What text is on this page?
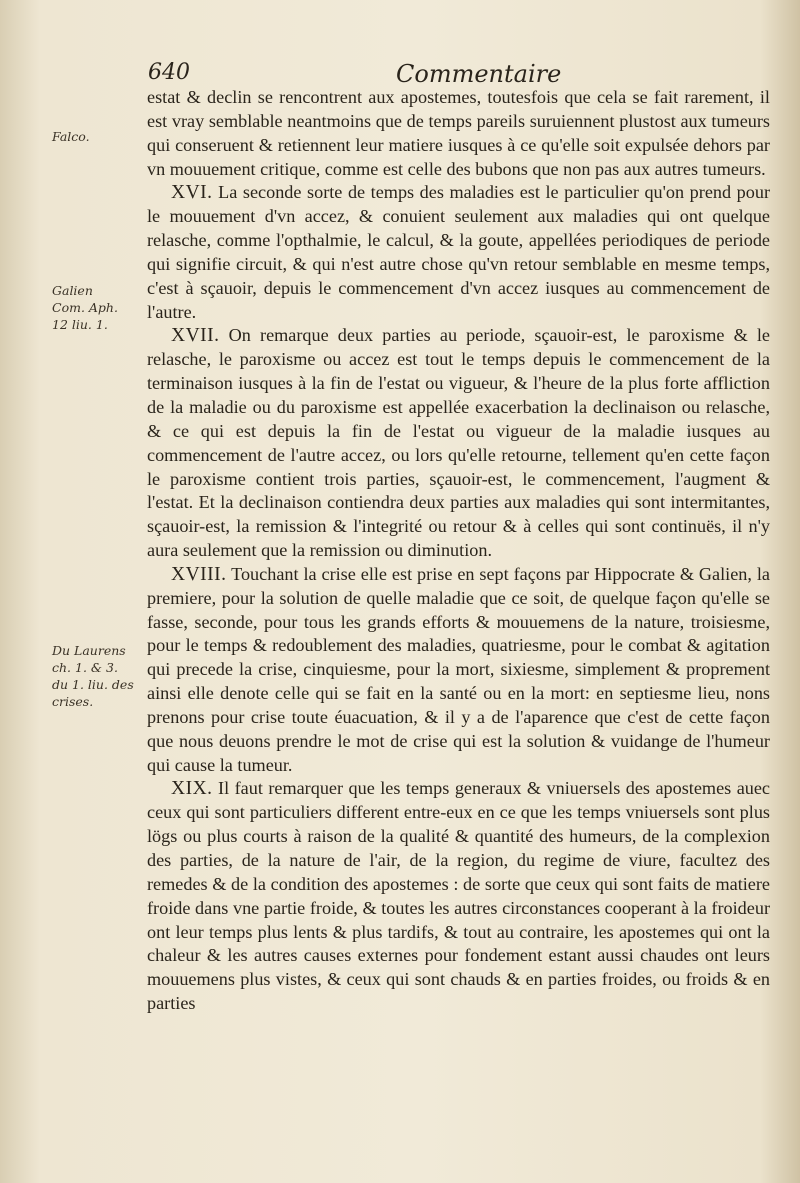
640	Commentaire
Falco.
Galien
Com. Aph.
12 liu. 1.
Du Laurens
ch. 1. & 3.
du 1. liu. des
crises.

estat & declin se rencontrent aux apostemes, toutesfois que cela se fait rarement, il est vray semblable neantmoins que de temps pareils suruiennent plustost aux tumeurs qui conseruent & retiennent leur matiere iusques à ce qu'elle soit expulsée dehors par vn mouuement critique, comme est celle des bubons que non pas aux autres tumeurs.

XVI. La seconde sorte de temps des maladies est le particulier qu'on prend pour le mouuement d'vn accez, & conuient seulement aux maladies qui ont quelque relasche, comme l'opthalmie, le calcul, & la goute, appellées periodiques de periode qui signifie circuit, & qui n'est autre chose qu'vn retour semblable en mesme temps, c'est à sçauoir, depuis le commencement d'vn accez iusques au commencement de l'autre.

XVII. On remarque deux parties au periode, sçauoir-est, le paroxisme & le relasche, le paroxisme ou accez est tout le temps depuis le commencement de la terminaison iusques à la fin de l'estat ou vigueur, & l'heure de la plus forte affliction de la maladie ou du paroxisme est appellée exacerbation la declinaison ou relasche, & ce qui est depuis la fin de l'estat ou vigueur de la maladie iusques au commencement de l'autre accez, ou lors qu'elle retourne, tellement qu'en cette façon le paroxisme contient trois parties, sçauoir-est, le commencement, l'augment & l'estat. Et la declinaison contiendra deux parties aux maladies qui sont intermitantes, sçauoir-est, la remission & l'integrité ou retour & à celles qui sont continuës, il n'y aura seulement que la remission ou diminution.

XVIII. Touchant la crise elle est prise en sept façons par Hippocrate & Galien, la premiere, pour la solution de quelle maladie que ce soit, de quelque façon qu'elle se fasse, seconde, pour tous les grands efforts & mouuemens de la nature, troisiesme, pour le temps & redoublement des maladies, quatriesme, pour le combat & agitation qui precede la crise, cinquiesme, pour la mort, sixiesme, simplement & proprement ainsi elle denote celle qui se fait en la santé ou en la mort: en septiesme lieu, nons prenons pour crise toute éuacuation, & il y a de l'aparence que c'est de cette façon que nous deuons prendre le mot de crise qui est la solution & vuidange de l'humeur qui cause la tumeur.

XIX. Il faut remarquer que les temps generaux & vniuersels des apostemes auec ceux qui sont particuliers different entre-eux en ce que les temps vniuersels sont plus lögs ou plus courts à raison de la qualité & quantité des humeurs, de la complexion des parties, de la nature de l'air, de la region, du regime de viure, facultez des remedes & de la condition des apostemes : de sorte que ceux qui sont faits de matiere froide dans vne partie froide, & toutes les autres circonstances cooperant à la froideur ont leur temps plus lents & plus tardifs, & tout au contraire, les apostemes qui ont la chaleur & les autres causes externes pour fondement estant aussi chaudes ont leurs mouuemens plus vistes, & ceux qui sont chauds & en parties froides, ou froids & en parties
